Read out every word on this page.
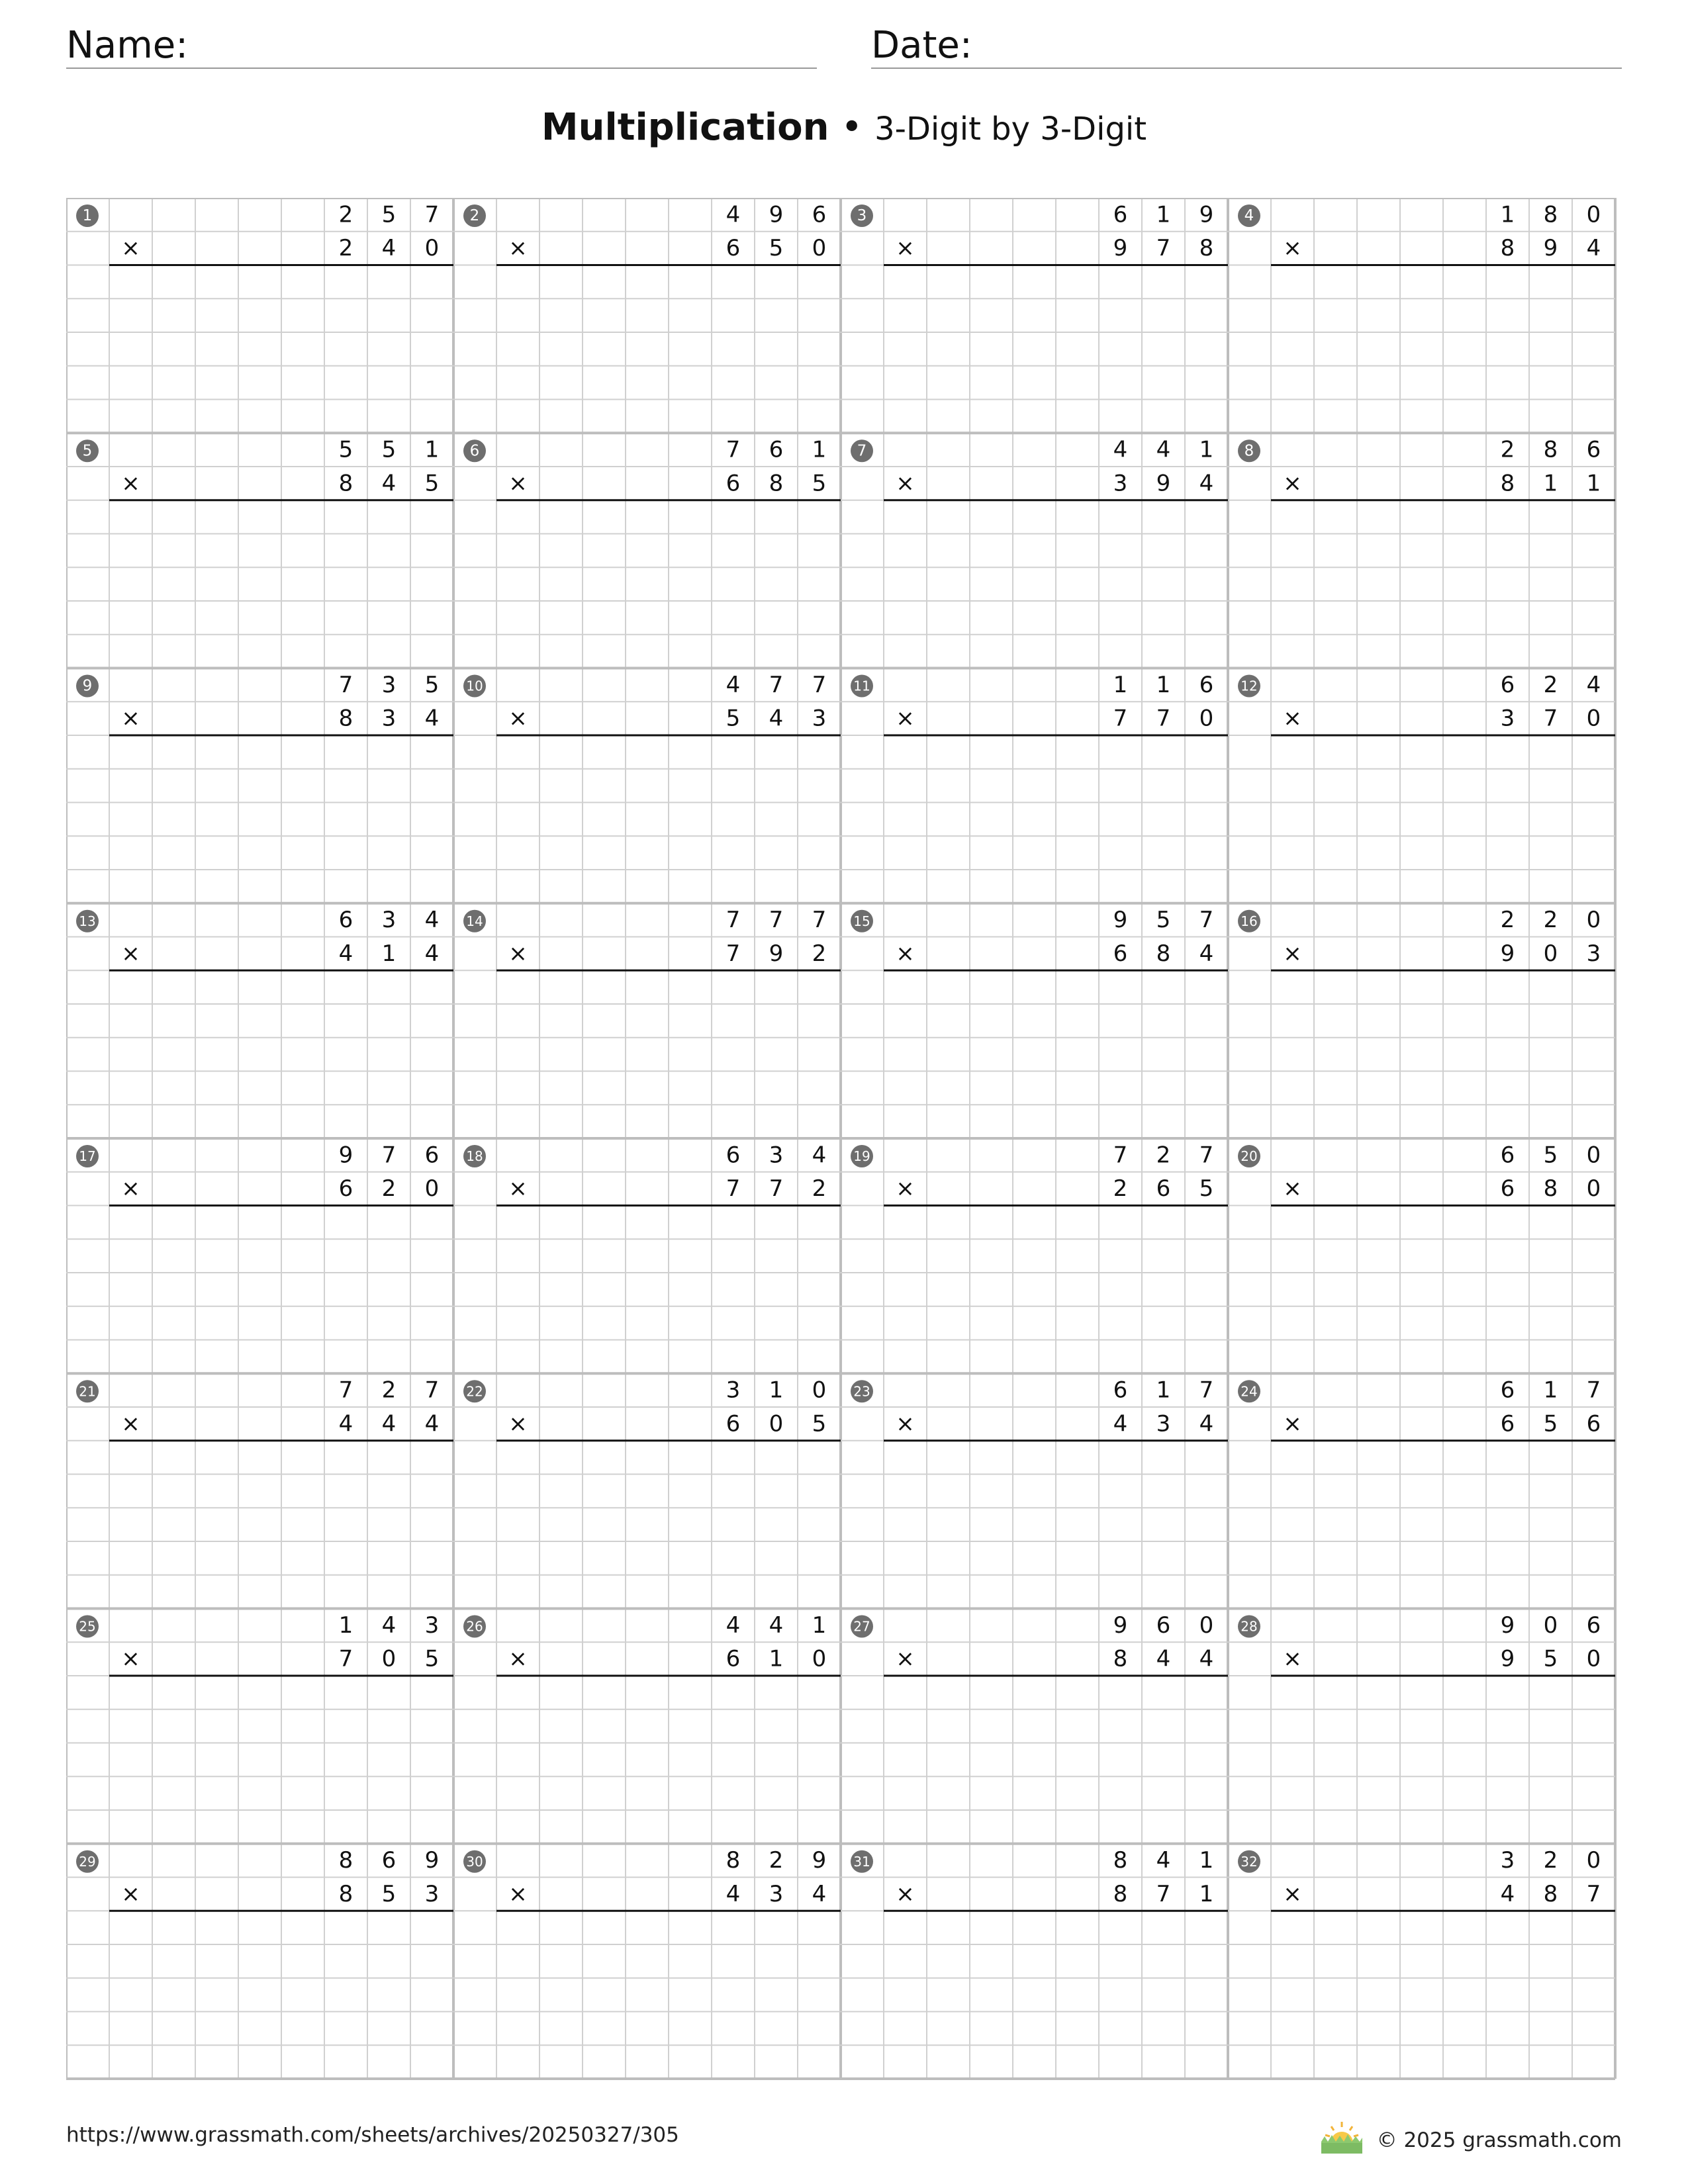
Name:	Date:
Multiplication • 3-Digit by 3-Digit
1	2 5 7
×	2 4 0
2	4 9 6
×	6 5 0
3	6 1 9
×	9 7 8
4	1 8 0
×	8 9 4
5	5 5 1
×	8 4 5
6	7 6 1
×	6 8 5
7	4 4 1
×	3 9 4
8	2 8 6
×	8 1 1
9	7 3 5
×	8 3 4
10	4 7 7
×	5 4 3
11	1 1 6
×	7 7 0
12	6 2 4
×	3 7 0
13	6 3 4
×	4 1 4
14	7 7 7
×	7 9 2
15	9 5 7
×	6 8 4
16	2 2 0
×	9 0 3
17	9 7 6
×	6 2 0
18	6 3 4
×	7 7 2
19	7 2 7
×	2 6 5
20	6 5 0
×	6 8 0
21	7 2 7
×	4 4 4
22	3 1 0
×	6 0 5
23	6 1 7
×	4 3 4
24	6 1 7
×	6 5 6
25	1 4 3
×	7 0 5
26	4 4 1
×	6 1 0
27	9 6 0
×	8 4 4
28	9 0 6
×	9 5 0
29	8 6 9
×	8 5 3
30	8 2 9
×	4 3 4
31	8 4 1
×	8 7 1
32	3 2 0
×	4 8 7
https://www.grassmath.com/sheets/archives/20250327/305	© 2025 grassmath.com
